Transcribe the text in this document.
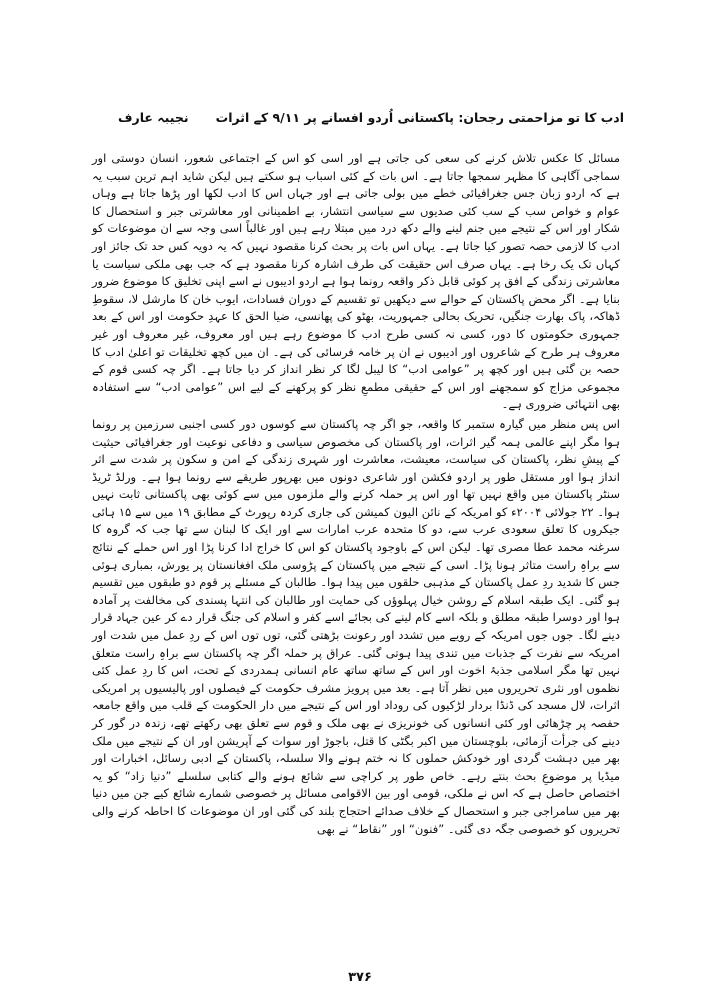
ادب کا تو مزاحمتی رجحان: پاکستانی اُردو افسانے پر ۹/۱۱ کے اثرات
نجیبہ عارف

مسائل کا عکس تلاش کرنے کی سعی کی جاتی ہے اور اسی کو اس کے اجتماعی شعور، انسان دوستی اور سماجی آگاہی کا مظہر سمجھا جاتا ہے۔ اس بات کے کئی اسباب ہو سکتے ہیں لیکن شاید اہم ترین سبب یہ ہے کہ اردو زبان جس جغرافیائی خطے میں بولی جاتی ہے اور جہاں اس کا ادب لکھا اور پڑھا جاتا ہے وہاں عوام و خواص سب کے سب کئی صدیوں سے سیاسی انتشار، بے اطمینانی اور معاشرتی جبر و استحصال کا شکار اور اس کے نتیجے میں جنم لینے والے دکھ درد میں مبتلا رہے ہیں اور غالباً اسی وجہ سے ان موضوعات کو ادب کا لازمی حصہ تصور کیا جاتا ہے۔ یہاں اس بات پر بحث کرنا مقصود نہیں کہ یہ دویہ کس حد تک جائز اور کہاں تک یک رخا ہے۔ یہاں صرف اس حقیقت کی طرف اشارہ کرنا مقصود ہے کہ جب بھی ملکی سیاست یا معاشرتی زندگی کے افق پر کوئی قابل ذکر واقعہ رونما ہوا ہے اردو ادیبوں نے اسے اپنی تخلیق کا موضوع ضرور بنایا ہے۔ اگر محض پاکستان کے حوالے سے دیکھیں تو تقسیم کے دوران فسادات، ایوب خان کا مارشل لا، سقوطِ ڈھاکہ، پاک بھارت جنگیں، تحریک بحالی جمہوریت، بھٹو کی پھانسی، ضیا الحق کا عہدِ حکومت اور اس کے بعد جمہوری حکومتوں کا دور، کسی نہ کسی طرح ادب کا موضوع رہے ہیں اور معروف، غیر معروف اور غیر معروف ہر طرح کے شاعروں اور ادیبوں نے ان پر خامہ فرسائی کی ہے۔ ان میں کچھ تخلیقات تو اعلیٰ ادب کا حصہ بن گئی ہیں اور کچھ پر ”عوامی ادب“ کا لیبل لگا کر نظر انداز کر دیا جاتا ہے۔ اگر چہ کسی قوم کے مجموعی مزاج کو سمجھنے اور اس کے حقیقی مطمعِ نظر کو پرکھنے کے لیے اس ”عوامی ادب“ سے استفادہ بھی انتہائی ضروری ہے۔

اس پس منظر میں گیارہ ستمبر کا واقعہ، جو اگر چہ پاکستان سے کوسوں دور کسی اجنبی سرزمین پر رونما ہوا مگر اپنے عالمی ہمہ گیر اثرات، اور پاکستان کی مخصوص سیاسی و دفاعی نوعیت اور جغرافیائی حیثیت کے پیشِ نظر، پاکستان کی سیاست، معیشت، معاشرت اور شہری زندگی کے امن و سکون پر شدت سے اثر انداز ہوا اور مستقل طور پر اردو فکشن اور شاعری دونوں میں بھرپور طریقے سے رونما ہوا ہے۔ ورلڈ ٹریڈ سنٹر پاکستان میں واقع نہیں تھا اور اس پر حملہ کرنے والے ملزموں میں سے کوئی بھی پاکستانی ثابت نہیں ہوا۔ ۲۲ جولائی ۲۰۰۴ء کو امریکہ کے نائن الیون کمیشن کی جاری کردہ رپورٹ کے مطابق ۱۹ میں سے ۱۵ ہائی جیکروں کا تعلق سعودی عرب سے، دو کا متحدہ عرب امارات سے اور ایک کا لبنان سے تھا جب کہ گروہ کا سرغنہ محمد عطا مصری تھا۔ لیکن اس کے باوجود پاکستان کو اس کا خراج ادا کرنا پڑا اور اس حملے کے نتائج سے براہِ راست متاثر ہونا پڑا۔ اسی کے نتیجے میں پاکستان کے پڑوسی ملک افغانستان پر یورش، بمباری ہوئی جس کا شدید ردِ عمل پاکستان کے مذہبی حلقوں میں پیدا ہوا۔ طالبان کے مسئلے پر قوم دو طبقوں میں تقسیم ہو گئی۔ ایک طبقہ اسلام کے روشن خیال پہلوؤں کی حمایت اور طالبان کی انتہا پسندی کی مخالفت پر آمادہ ہوا اور دوسرا طبقہ مطلق و بلکہ اسے کام لینے کی بجائے اسے کفر و اسلام کی جنگ قرار دے کر عین جہاد قرار دینے لگا۔ جوں جوں امریکہ کے رویے میں تشدد اور رعونت بڑھتی گئی، توں توں اس کے ردِ عمل میں شدت اور امریکہ سے نفرت کے جذبات میں تندی پیدا ہوتی گئی۔ عراق پر حملہ اگر چہ پاکستان سے براہِ راست متعلق نہیں تھا مگر اسلامی جذبۂ اخوت اور اس کے ساتھ ساتھ عام انسانی ہمدردی کے تحت، اس کا ردِ عمل کئی نظموں اور نثری تحریروں میں نظر آتا ہے۔ بعد میں پرویز مشرف حکومت کے فیصلوں اور پالیسیوں پر امریکی اثرات، لال مسجد کی ڈنڈا بردار لڑکیوں کی روداد اور اس کے نتیجے میں دار الحکومت کے قلب میں واقع جامعہ حفصہ پر چڑھائی اور کئی انسانوں کی خونریزی نے بھی ملک و قوم سے تعلق بھی رکھتے تھے، زندہ در گور کر دینے کی جرأت آزمائی، بلوچستان میں اکبر بگٹی کا قتل، باجوڑ اور سوات کے آپریشن اور ان کے نتیجے میں ملک بھر میں دہشت گردی اور خودکش حملوں کا نہ ختم ہونے والا سلسلہ، پاکستان کے ادبی رسائل، اخبارات اور میڈیا پر موضوعِ بحث بنتے رہے۔ خاص طور پر کراچی سے شائع ہونے والے کتابی سلسلے ”دنیا زاد“ کو یہ اختصاص حاصل ہے کہ اس نے ملکی، قومی اور بین الاقوامی مسائل پر خصوصی شمارے شائع کیے جن میں دنیا بھر میں سامراجی جبر و استحصال کے خلاف صدائے احتجاج بلند کی گئی اور ان موضوعات کا احاطہ کرنے والی تحریروں کو خصوصی جگہ دی گئی۔ ”فنون“ اور ”نقاط“ نے بھی

۳۷۶
